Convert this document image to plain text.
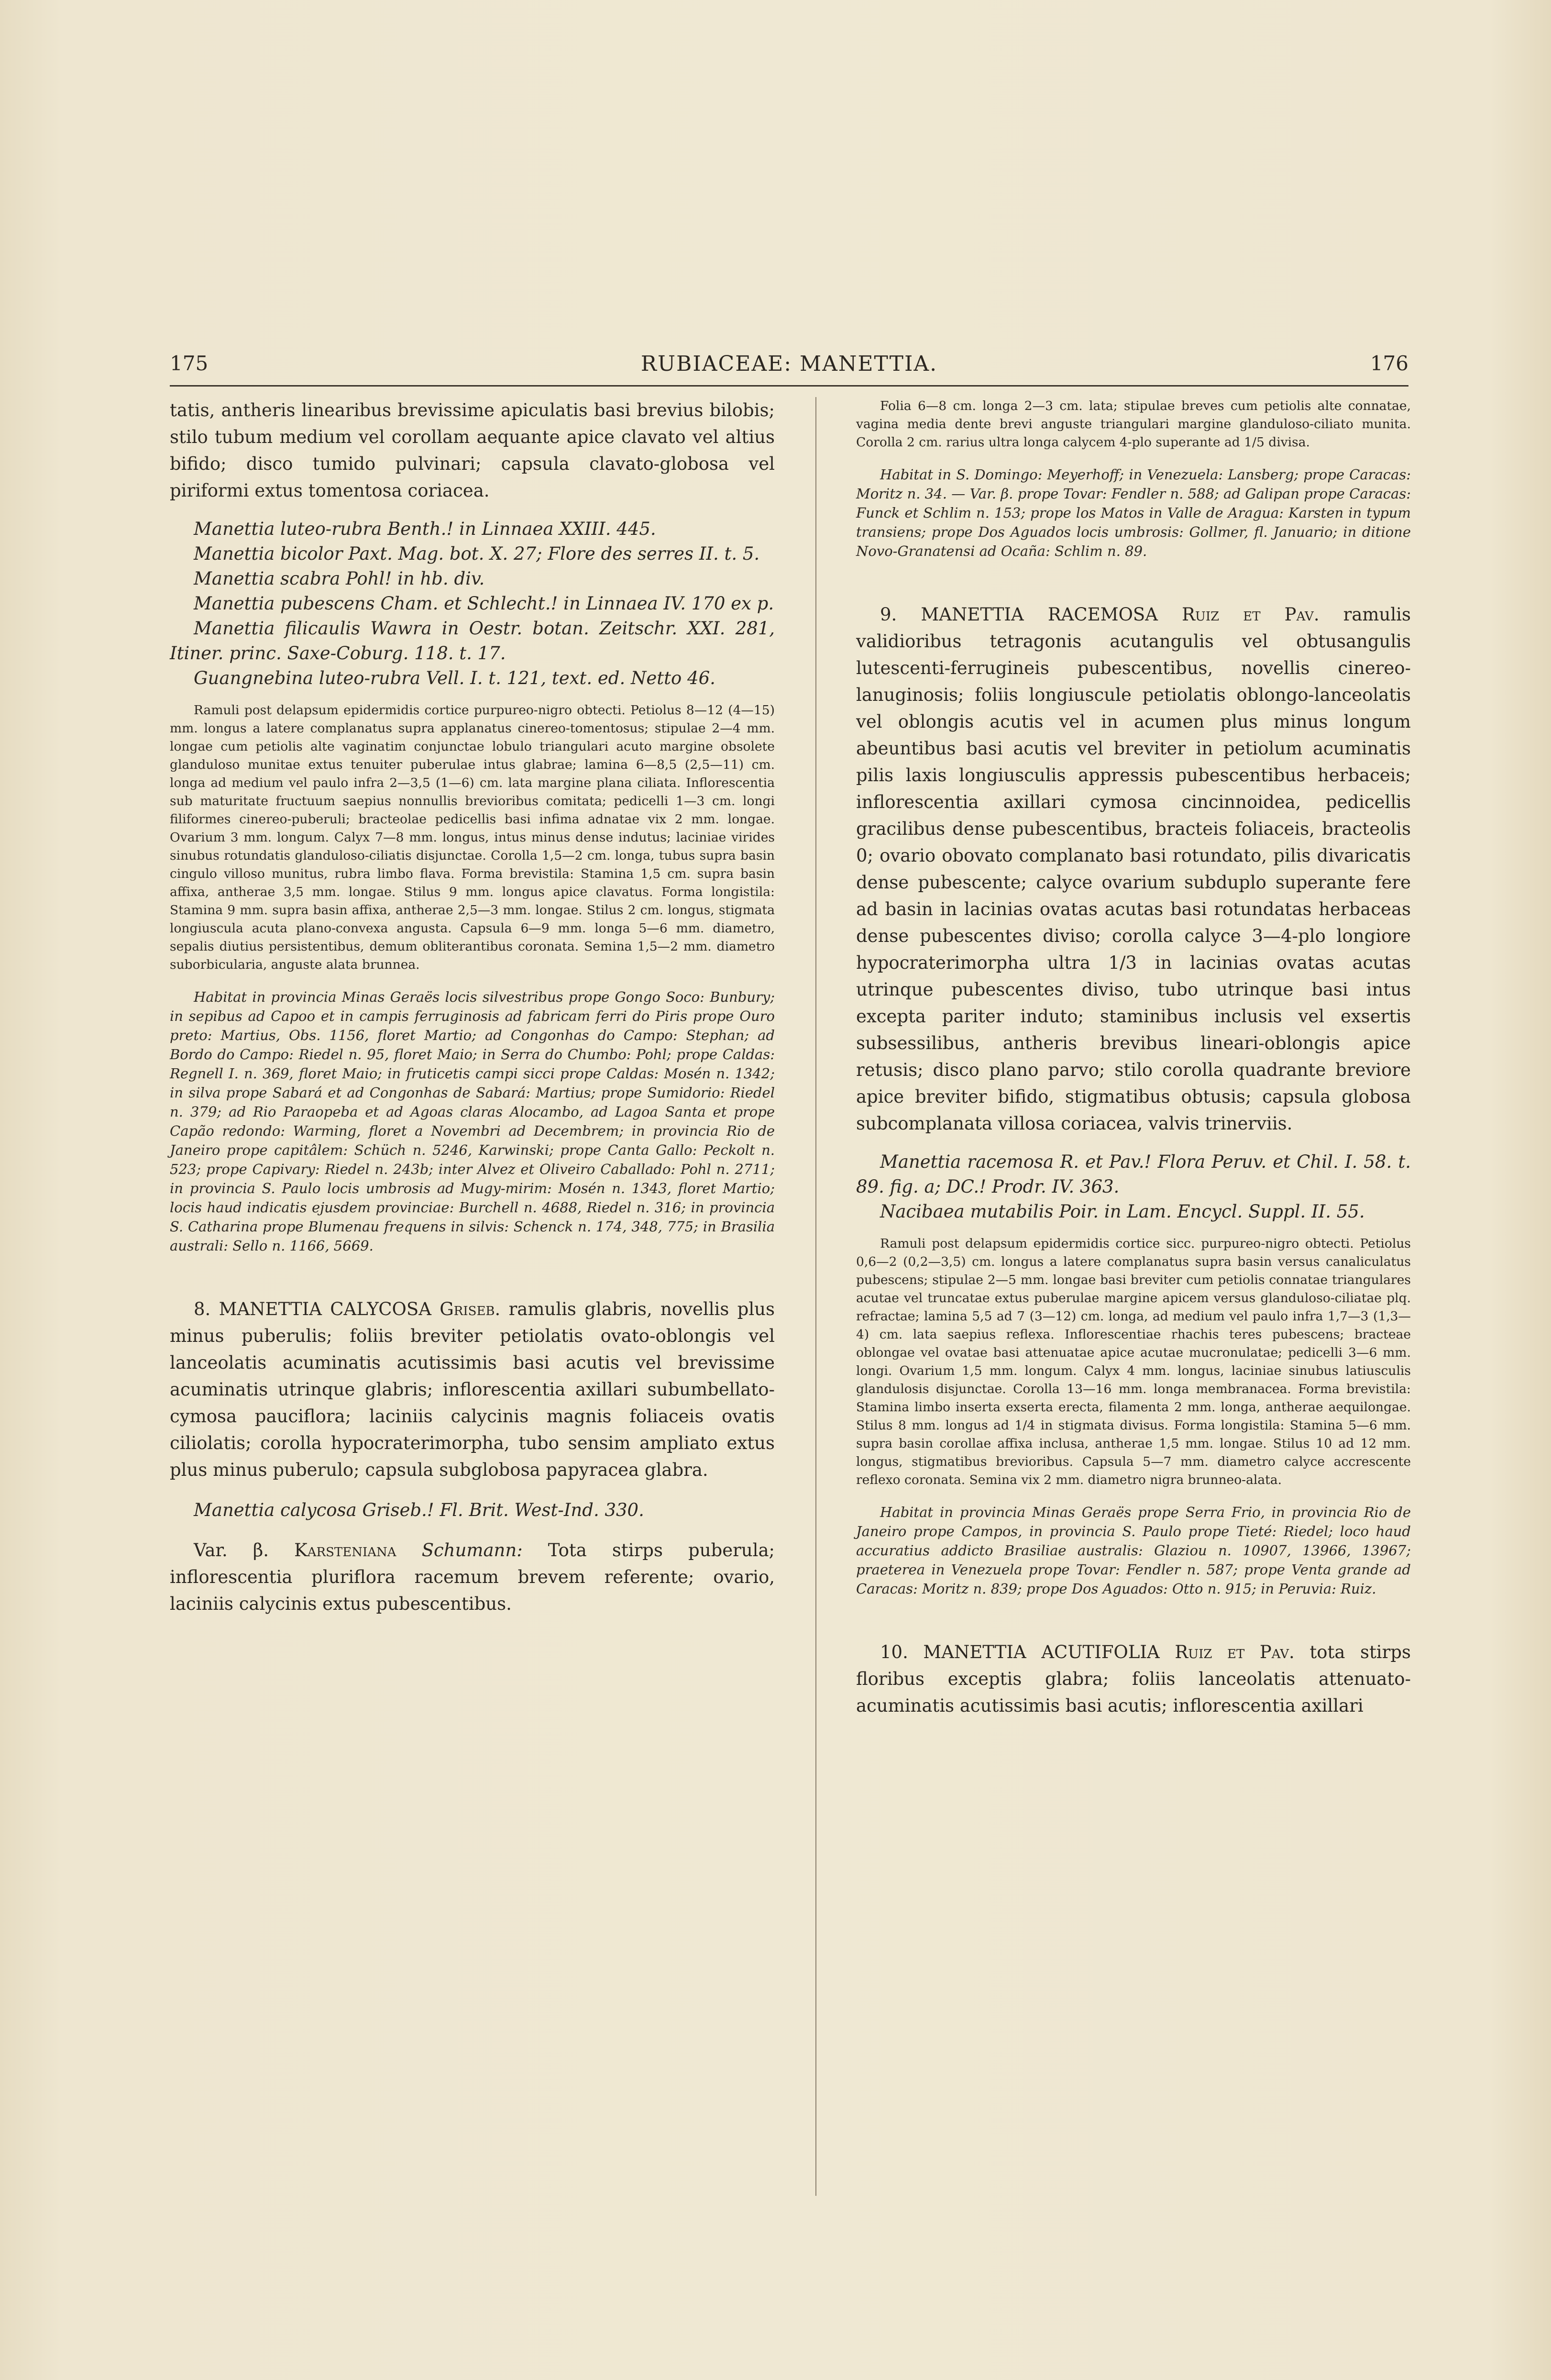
175	RUBIACEAE: MANETTIA.	176

tatis, antheris linearibus brevissime apiculatis basi brevius bilobis; stilo tubum medium vel corollam aequante apice clavato vel altius bifido; disco tumido pulvinari; capsula clavato-globosa vel piriformi extus tomentosa coriacea.

Manettia luteo-rubra Benth.! in Linnaea XXIII. 445.

Manettia bicolor Paxt. Mag. bot. X. 27; Flore des serres II. t. 5.

Manettia scabra Pohl! in hb. div.

Manettia pubescens Cham. et Schlecht.! in Linnaea IV. 170 ex p.

Manettia filicaulis Wawra in Oestr. botan. Zeitschr. XXI. 281, Itiner. princ. Saxe-Coburg. 118. t. 17.

Guangnebina luteo-rubra Vell. I. t. 121, text. ed. Netto 46.

Ramuli post delapsum epidermidis cortice purpureo-nigro obtecti. Petiolus 8—12 (4—15) mm. longus a latere complanatus supra applanatus cinereo-tomentosus; stipulae 2—4 mm. longae cum petiolis alte vaginatim conjunctae lobulo triangulari acuto margine obsolete glanduloso munitae extus tenuiter puberulae intus glabrae; lamina 6—8,5 (2,5—11) cm. longa ad medium vel paulo infra 2—3,5 (1—6) cm. lata margine plana ciliata. Inflorescentia sub maturitate fructuum saepius nonnullis brevioribus comitata; pedicelli 1—3 cm. longi filiformes cinereo-puberuli; bracteolae pedicellis basi infima adnatae vix 2 mm. longae. Ovarium 3 mm. longum. Calyx 7—8 mm. longus, intus minus dense indutus; laciniae virides sinubus rotundatis glanduloso-ciliatis disjunctae. Corolla 1,5—2 cm. longa, tubus supra basin cingulo villoso munitus, rubra limbo flava. Forma brevistila: Stamina 1,5 cm. supra basin affixa, antherae 3,5 mm. longae. Stilus 9 mm. longus apice clavatus. Forma longistila: Stamina 9 mm. supra basin affixa, antherae 2,5—3 mm. longae. Stilus 2 cm. longus, stigmata longiuscula acuta plano-convexa angusta. Capsula 6—9 mm. longa 5—6 mm. diametro, sepalis diutius persistentibus, demum obliterantibus coronata. Semina 1,5—2 mm. diametro suborbicularia, anguste alata brunnea.

Habitat in provincia Minas Geraës locis silvestribus prope Gongo Soco: Bunbury; in sepibus ad Capoo et in campis ferruginosis ad fabricam ferri do Piris prope Ouro preto: Martius, Obs. 1156, floret Martio; ad Congonhas do Campo: Stephan; ad Bordo do Campo: Riedel n. 95, floret Maio; in Serra do Chumbo: Pohl; prope Caldas: Regnell I. n. 369, floret Maio; in fruticetis campi sicci prope Caldas: Mosén n. 1342; in silva prope Sabará et ad Congonhas de Sabará: Martius; prope Sumidorio: Riedel n. 379; ad Rio Paraopeba et ad Agoas claras Alocambo, ad Lagoa Santa et prope Capão redondo: Warming, floret a Novembri ad Decembrem; in provincia Rio de Janeiro prope capitâlem: Schüch n. 5246, Karwinski; prope Canta Gallo: Peckolt n. 523; prope Capivary: Riedel n. 243b; inter Alvez et Oliveiro Caballado: Pohl n. 2711; in provincia S. Paulo locis umbrosis ad Mugy-mirim: Mosén n. 1343, floret Martio; locis haud indicatis ejusdem provinciae: Burchell n. 4688, Riedel n. 316; in provincia S. Catharina prope Blumenau frequens in silvis: Schenck n. 174, 348, 775; in Brasilia australi: Sello n. 1166, 5669.

8. MANETTIA CALYCOSA Griseb. ramulis glabris, novellis plus minus puberulis; foliis breviter petiolatis ovato-oblongis vel lanceolatis acuminatis acutissimis basi acutis vel brevissime acuminatis utrinque glabris; inflorescentia axillari subumbellato-cymosa pauciflora; laciniis calycinis magnis foliaceis ovatis ciliolatis; corolla hypocraterimorpha, tubo sensim ampliato extus plus minus puberulo; capsula subglobosa papyracea glabra.

Manettia calycosa Griseb.! Fl. Brit. West-Ind. 330.

Var. β. Karsteniana Schumann: Tota stirps puberula; inflorescentia pluriflora racemum brevem referente; ovario, laciniis calycinis extus pubescentibus.

Folia 6—8 cm. longa 2—3 cm. lata; stipulae breves cum petiolis alte connatae, vagina media dente brevi anguste triangulari margine glanduloso-ciliato munita. Corolla 2 cm. rarius ultra longa calycem 4-plo superante ad 1/5 divisa.

Habitat in S. Domingo: Meyerhoff; in Venezuela: Lansberg; prope Caracas: Moritz n. 34. — Var. β. prope Tovar: Fendler n. 588; ad Galipan prope Caracas: Funck et Schlim n. 153; prope los Matos in Valle de Aragua: Karsten in typum transiens; prope Dos Aguados locis umbrosis: Gollmer, fl. Januario; in ditione Novo-Granatensi ad Ocaña: Schlim n. 89.

9. MANETTIA RACEMOSA Ruiz et Pav. ramulis validioribus tetragonis acutangulis vel obtusangulis lutescenti-ferrugineis pubescentibus, novellis cinereo-lanuginosis; foliis longiuscule petiolatis oblongo-lanceolatis vel oblongis acutis vel in acumen plus minus longum abeuntibus basi acutis vel breviter in petiolum acuminatis pilis laxis longiusculis appressis pubescentibus herbaceis; inflorescentia axillari cymosa cincinnoidea, pedicellis gracilibus dense pubescentibus, bracteis foliaceis, bracteolis 0; ovario obovato complanato basi rotundato, pilis divaricatis dense pubescente; calyce ovarium subduplo superante fere ad basin in lacinias ovatas acutas basi rotundatas herbaceas dense pubescentes diviso; corolla calyce 3—4-plo longiore hypocraterimorpha ultra 1/3 in lacinias ovatas acutas utrinque pubescentes diviso, tubo utrinque basi intus excepta pariter induto; staminibus inclusis vel exsertis subsessilibus, antheris brevibus lineari-oblongis apice retusis; disco plano parvo; stilo corolla quadrante breviore apice breviter bifido, stigmatibus obtusis; capsula globosa subcomplanata villosa coriacea, valvis trinerviis.

Manettia racemosa R. et Pav.! Flora Peruv. et Chil. I. 58. t. 89. fig. a; DC.! Prodr. IV. 363.

Nacibaea mutabilis Poir. in Lam. Encycl. Suppl. II. 55.

Ramuli post delapsum epidermidis cortice sicc. purpureo-nigro obtecti. Petiolus 0,6—2 (0,2—3,5) cm. longus a latere complanatus supra basin versus canaliculatus pubescens; stipulae 2—5 mm. longae basi breviter cum petiolis connatae triangulares acutae vel truncatae extus puberulae margine apicem versus glanduloso-ciliatae plq. refractae; lamina 5,5 ad 7 (3—12) cm. longa, ad medium vel paulo infra 1,7—3 (1,3—4) cm. lata saepius reflexa. Inflorescentiae rhachis teres pubescens; bracteae oblongae vel ovatae basi attenuatae apice acutae mucronulatae; pedicelli 3—6 mm. longi. Ovarium 1,5 mm. longum. Calyx 4 mm. longus, laciniae sinubus latiusculis glandulosis disjunctae. Corolla 13—16 mm. longa membranacea. Forma brevistila: Stamina limbo inserta exserta erecta, filamenta 2 mm. longa, antherae aequilongae. Stilus 8 mm. longus ad 1/4 in stigmata divisus. Forma longistila: Stamina 5—6 mm. supra basin corollae affixa inclusa, antherae 1,5 mm. longae. Stilus 10 ad 12 mm. longus, stigmatibus brevioribus. Capsula 5—7 mm. diametro calyce accrescente reflexo coronata. Semina vix 2 mm. diametro nigra brunneo-alata.

Habitat in provincia Minas Geraës prope Serra Frio, in provincia Rio de Janeiro prope Campos, in provincia S. Paulo prope Tieté: Riedel; loco haud accuratius addicto Brasiliae australis: Glaziou n. 10907, 13966, 13967; praeterea in Venezuela prope Tovar: Fendler n. 587; prope Venta grande ad Caracas: Moritz n. 839; prope Dos Aguados: Otto n. 915; in Peruvia: Ruiz.

10. MANETTIA ACUTIFOLIA Ruiz et Pav. tota stirps floribus exceptis glabra; foliis lanceolatis attenuato-acuminatis acutissimis basi acutis; inflorescentia axillari
